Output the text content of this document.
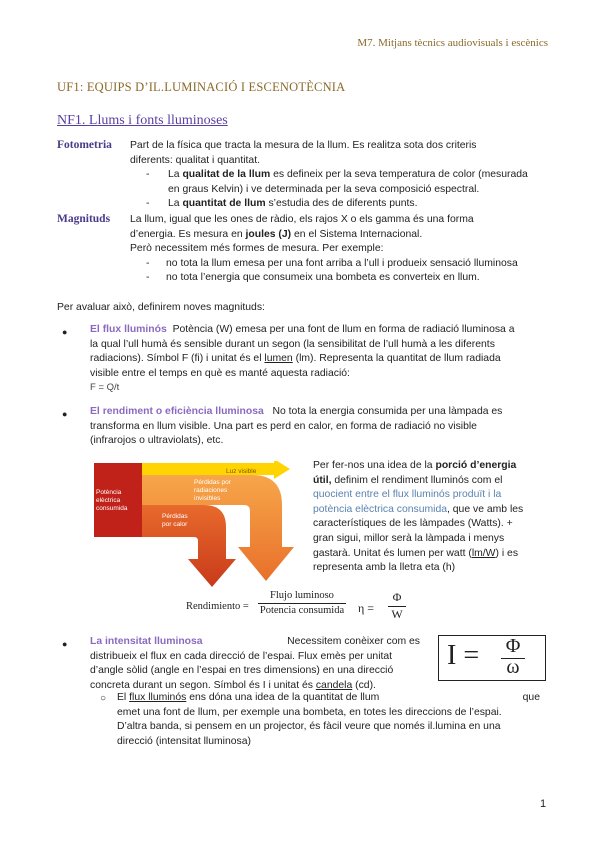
M7. Mitjans tècnics audiovisuals i escènics
UF1: EQUIPS D’IL.LUMINACIÓ I ESCENOTÈCNIA
NF1. Llums i fonts lluminoses
Fotometria Part de la física que tracta la mesura de la llum. Es realitza sota dos criteris
diferents: qualitat i quantitat.
- La qualitat de la llum es defineix per la seva temperatura de color (mesurada
en graus Kelvin) i ve determinada per la seva composició espectral.
- La quantitat de llum s’estudia des de diferents punts.
Magnituds La llum, igual que les ones de ràdio, els rajos X o els gamma és una forma
d’energia. Es mesura en joules (J) en el Sistema Internacional.
Però necessitem més formes de mesura. Per exemple:
- no tota la llum emesa per una font arriba a l’ull i produeix sensació lluminosa
- no tota l’energia que consumeix una bombeta es converteix en llum.
Per avaluar això, definirem noves magnituds:
● El flux lluminós Potència (W) emesa per una font de llum en forma de radiació lluminosa a
la qual l’ull humà és sensible durant un segon (la sensibilitat de l’ull humà a les diferents
radiacions). Símbol F (fi) i unitat és el lumen (lm). Representa la quantitat de llum radiada
visible entre el temps en què es manté aquesta radiació:
F = Q/t
● El rendiment o eficiència lluminosa No tota la energia consumida per una làmpada es
transforma en llum visible. Una part es perd en calor, en forma de radiació no visible
(infrarojos o ultraviolats), etc.
Potència elèctrica consumida
Luz visible
Pérdidas por radiaciones invisibles
Pérdidas por calor
Per fer-nos una idea de la porció d’energia
útil, definim el rendiment lluminós com el
quocient entre el flux lluminós produït i la
potència elèctrica consumida, que ve amb les
característiques de les làmpades (Watts). +
gran sigui, millor serà la làmpada i menys
gastarà. Unitat és lumen per watt (lm/W) i es
representa amb la lletra eta (h)
Rendimiento =
Flujo luminoso
Potencia consumida η =
Φ
W
● La intensitat lluminosa	Necessitem conèixer com es
distribueix el flux en cada direcció de l’espai. Flux emès per unitat
d’angle sòlid (angle en l’espai en tres dimensions) en una direcció
concreta durant un segon. Símbol és I i unitat és candela (cd).
I = Φ
ω
○ El flux lluminós ens dóna una idea de la quantitat de llum	que
emet una font de llum, per exemple una bombeta, en totes les direccions de l’espai.
D’altra banda, si pensem en un projector, és fàcil veure que només il.lumina en una
direcció (intensitat lluminosa)
1
